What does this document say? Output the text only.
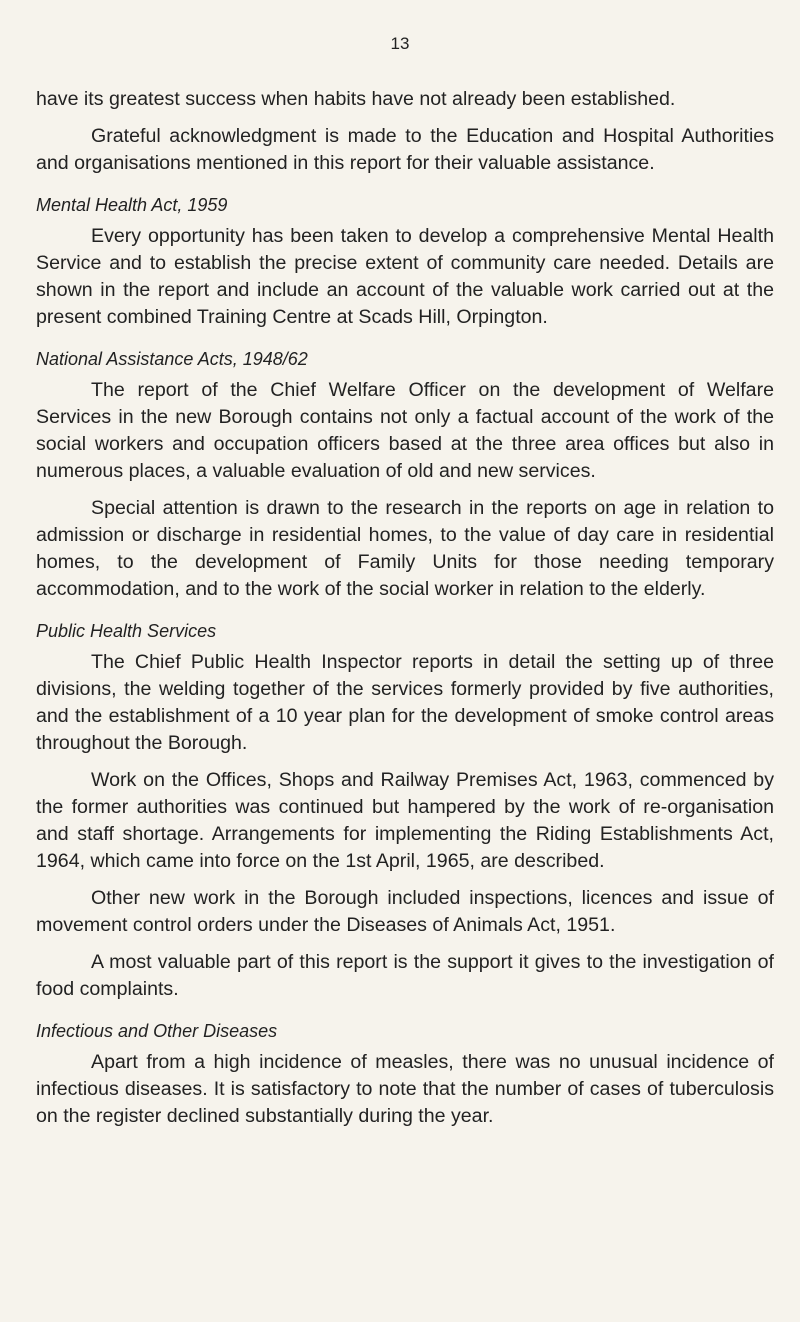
13

have its greatest success when habits have not already been established.

Grateful acknowledgment is made to the Education and Hospital Authorities and organisations mentioned in this report for their valuable assistance.

Mental Health Act, 1959

Every opportunity has been taken to develop a comprehensive Mental Health Service and to establish the precise extent of community care needed. Details are shown in the report and include an account of the valuable work carried out at the present combined Training Centre at Scads Hill, Orpington.

National Assistance Acts, 1948/62

The report of the Chief Welfare Officer on the development of Welfare Services in the new Borough contains not only a factual account of the work of the social workers and occupation officers based at the three area offices but also in numerous places, a valuable evaluation of old and new services.

Special attention is drawn to the research in the reports on age in relation to admission or discharge in residential homes, to the value of day care in residential homes, to the development of Family Units for those needing temporary accommodation, and to the work of the social worker in relation to the elderly.

Public Health Services

The Chief Public Health Inspector reports in detail the setting up of three divisions, the welding together of the services formerly provided by five authorities, and the establishment of a 10 year plan for the development of smoke control areas throughout the Borough.

Work on the Offices, Shops and Railway Premises Act, 1963, commenced by the former authorities was continued but hampered by the work of re-organisation and staff shortage. Arrangements for implementing the Riding Establishments Act, 1964, which came into force on the 1st April, 1965, are described.

Other new work in the Borough included inspections, licences and issue of movement control orders under the Diseases of Animals Act, 1951.

A most valuable part of this report is the support it gives to the investigation of food complaints.

Infectious and Other Diseases

Apart from a high incidence of measles, there was no unusual incidence of infectious diseases. It is satisfactory to note that the number of cases of tuberculosis on the register declined substantially during the year.
